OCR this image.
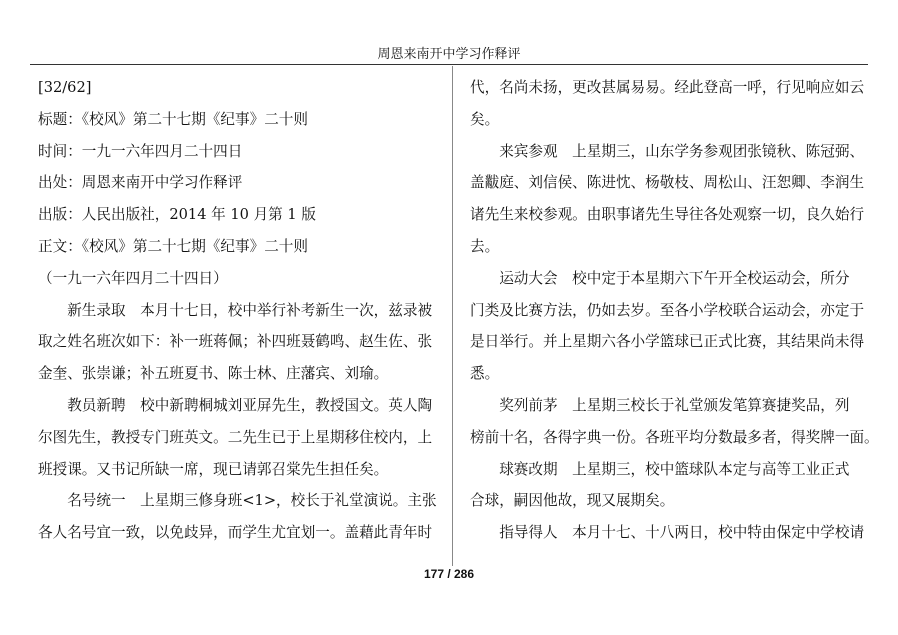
周恩来南开中学习作释评
[32/62]
标题：《校风》第二十七期《纪事》二十则
时间：一九一六年四月二十四日
出处：周恩来南开中学习作释评
出版：人民出版社，2014 年 10 月第 1 版
正文：《校风》第二十七期《纪事》二十则
（一九一六年四月二十四日）
　　新生录取　本月十七日，校中举行补考新生一次，兹录被
取之姓名班次如下：补一班蒋佩；补四班聂鹤鸣、赵生佐、张
金奎、张崇谦；补五班夏书、陈士林、庄藩宾、刘瑜。
　　教员新聘　校中新聘桐城刘亚屏先生，教授国文。英人陶
尔图先生，教授专门班英文。二先生已于上星期移住校内，上
班授课。又书记所缺一席，现已请郭召棠先生担任矣。
　　名号统一　上星期三修身班<1>，校长于礼堂演说。主张
各人名号宜一致，以免歧异，而学生尤宜划一。盖藉此青年时
代，名尚未扬，更改甚属易易。经此登高一呼，行见响应如云
矣。
　　来宾参观　上星期三，山东学务参观团张镜秋、陈冠弼、
盖黻庭、刘信侯、陈进忱、杨敬枝、周松山、汪恕卿、李润生
诸先生来校参观。由职事诸先生导往各处观察一切，良久始行
去。
　　运动大会　校中定于本星期六下午开全校运动会，所分
门类及比赛方法，仍如去岁。至各小学校联合运动会，亦定于
是日举行。并上星期六各小学篮球已正式比赛，其结果尚未得
悉。
　　奖列前茅　上星期三校长于礼堂颁发笔算赛捷奖品，列
榜前十名，各得字典一份。各班平均分数最多者，得奖牌一面。
　　球赛改期　上星期三，校中篮球队本定与高等工业正式
合球，嗣因他故，现又展期矣。
　　指导得人　本月十七、十八两日，校中特由保定中学校请
177 / 286
